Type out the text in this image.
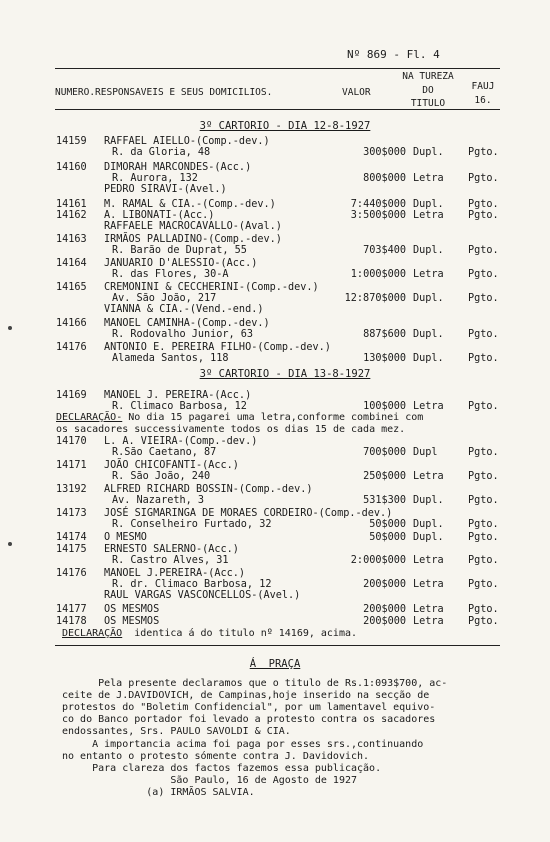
Nº 869 - Fl. 4
NUMERO.RESPONSAVEIS E SEUS DOMICILIOS.	VALOR
NA TUREZA
DO
TITULO
FAUJ
16.
3º CARTORIO - DIA 12-8-1927
14159 RAFFAEL AIELLO-(Comp.-dev.)
R. da Gloria, 48	300$000 Dupl. Pgto.
14160 DIMORAH MARCONDES-(Acc.)
R. Aurora, 132	800$000 Letra Pgto.
PEDRO SIRAVI-(Avel.)
14161 M. RAMAL & CIA.-(Comp.-dev.)	7:440$000 Dupl. Pgto.
14162 A. LIBONATI-(Acc.)	3:500$000 Letra Pgto.
RAFFAELE MACROCAVALLO-(Aval.)
14163 IRMÃOS PALLADINO-(Comp.-dev.)
R. Barão de Duprat, 55	703$400 Dupl. Pgto.
14164 JANUARIO D'ALESSIO-(Acc.)
R. das Flores, 30-A	1:000$000 Letra Pgto.
14165 CREMONINI & CECCHERINI-(Comp.-dev.)
Av. São João, 217	12:870$000 Dupl. Pgto.
VIANNA & CIA.-(Vend.-end.)
14166 MANOEL CAMINHA-(Comp.-dev.)
R. Rodovalho Junior, 63	887$600 Dupl. Pgto.
14176 ANTONIO E. PEREIRA FILHO-(Comp.-dev.)
Alameda Santos, 118	130$000 Dupl. Pgto.
3º CARTORIO - DIA 13-8-1927
14169 MANOEL J. PEREIRA-(Acc.)
R. Climaco Barbosa, 12	100$000 Letra Pgto.
14170 L. A. VIEIRA-(Comp.-dev.)
R.São Caetano, 87	700$000 Dupl	Pgto.
14171 JOÃO CHICOFANTI-(Acc.)
R. São João, 240	250$000 Letra Pgto.
13192 ALFRED RICHARD BOSSIN-(Comp.-dev.)
Av. Nazareth, 3	531$300 Dupl. Pgto.
14173 JOSÉ SIGMARINGA DE MORAES CORDEIRO-(Comp.-dev.)
R. Conselheiro Furtado, 32	50$000 Dupl. Pgto.
14174 O MESMO	50$000 Dupl. Pgto.
14175 ERNESTO SALERNO-(Acc.)
R. Castro Alves, 31	2:000$000 Letra Pgto.
14176 MANOEL J.PEREIRA-(Acc.)
R. dr. Climaco Barbosa, 12	200$000 Letra Pgto.
RAUL VARGAS VASCONCELLOS-(Avel.)
14177 OS MESMOS	200$000 Letra Pgto.
14178 OS MESMOS	200$000 Letra Pgto.
DECLARAÇÃO- No dia 15 pagarei uma letra,conforme combinei com
os sacadores successivamente todos os dias 15 de cada mez.
DECLARAÇÃO  identica á do titulo nº 14169, acima.
Á  PRAÇA
Pela presente declaramos que o titulo de Rs.1:093$700, ac-
ceite de J.DAVIDOVICH, de Campinas,hoje inserido na secção de
protestos do "Boletim Confidencial", por um lamentavel equivo-
co do Banco portador foi levado a protesto contra os sacadores
endossantes, Srs. PAULO SAVOLDI & CIA.
A importancia acima foi paga por esses srs.,continuando
no entanto o protesto sómente contra J. Davidovich.
Para clareza dos factos fazemos essa publicação.
São Paulo, 16 de Agosto de 1927
(a) IRMÃOS SALVIA.
